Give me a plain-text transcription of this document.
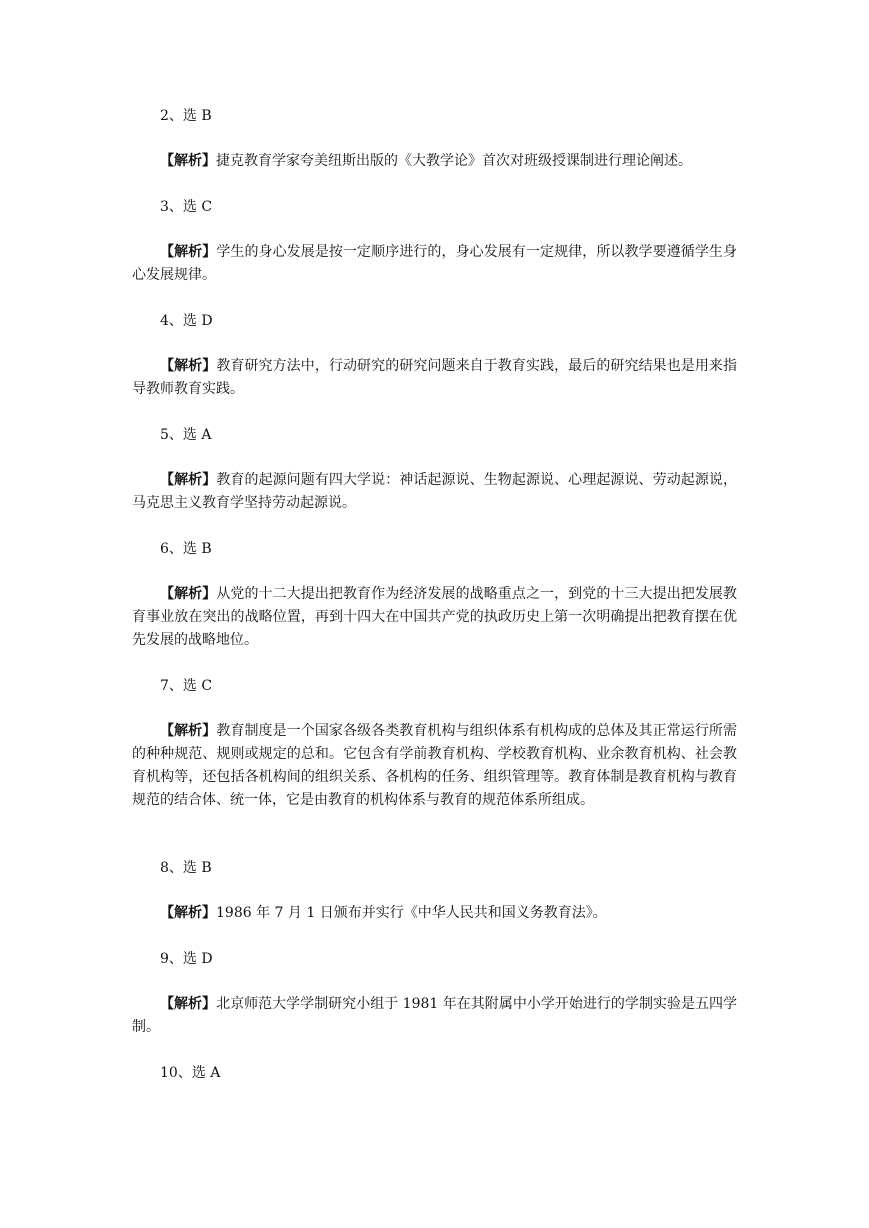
2、选 B
【解析】捷克教育学家夸美纽斯出版的《大教学论》首次对班级授课制进行理论阐述。
3、选 C
【解析】学生的身心发展是按一定顺序进行的，身心发展有一定规律，所以教学要遵循学生身心发展规律。
4、选 D
【解析】教育研究方法中，行动研究的研究问题来自于教育实践，最后的研究结果也是用来指导教师教育实践。
5、选 A
【解析】教育的起源问题有四大学说：神话起源说、生物起源说、心理起源说、劳动起源说，马克思主义教育学坚持劳动起源说。
6、选 B
【解析】从党的十二大提出把教育作为经济发展的战略重点之一，到党的十三大提出把发展教育事业放在突出的战略位置，再到十四大在中国共产党的执政历史上第一次明确提出把教育摆在优先发展的战略地位。
7、选 C
【解析】教育制度是一个国家各级各类教育机构与组织体系有机构成的总体及其正常运行所需的种种规范、规则或规定的总和。它包含有学前教育机构、学校教育机构、业余教育机构、社会教育机构等，还包括各机构间的组织关系、各机构的任务、组织管理等。教育体制是教育机构与教育规范的结合体、统一体，它是由教育的机构体系与教育的规范体系所组成。
8、选 B
【解析】1986 年 7 月 1 日颁布并实行《中华人民共和国义务教育法》。
9、选 D
【解析】北京师范大学学制研究小组于 1981 年在其附属中小学开始进行的学制实验是五四学制。
10、选 A
